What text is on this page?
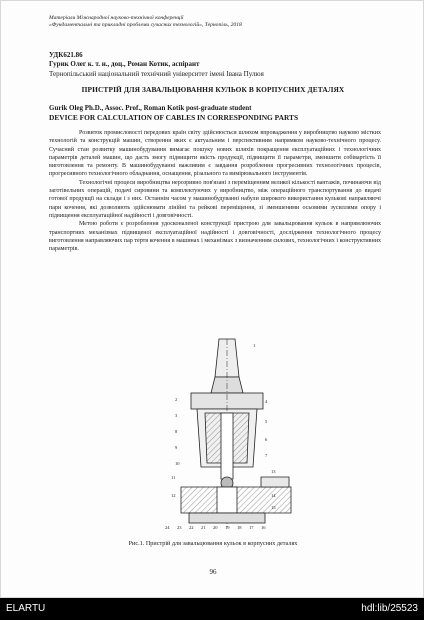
Матеріали Міжнародної науково-технічної конференції
«Фундаментальні та прикладні проблеми сучасних технологій», Тернопіль, 2018
УДК621.86
Гурик Олег к. т. н., доц., Роман Котик, аспірант
Тернопільський національний технічний університет імені Івана Пулюя
ПРИСТРІЙ ДЛЯ ЗАВАЛЬЦЮВАННЯ КУЛЬОК В КОРПУСНИХ ДЕТАЛЯХ
Gurik Oleg Ph.D., Assoc. Prof., Roman Kotik post-graduate student
DEVICE FOR CALCULATION OF CABLES IN CORRESPONDING PARTS

Розвиток промисловості передових країн світу здійснюється шляхом впровадження у виробництво науково містких технологій та конструкцій машин, створення яких є актуальним і перспективним напрямком науково-технічного процесу. Сучасний стан розвитку машинобудування вимагає пошуку нових шляхів покращення експлуатаційних і технологічних параметрів деталей машин, що дасть змогу підвищити якість продукції, підвищити її параметри, зменшити собівартість її виготовлення та ремонту. В машинобудуванні важливим є завдання розроблення прогресивних технологічних процесів, прогресивного технологічного обладнання, оснащення, різального та вимірювального інструментів.

Технологічні процеси виробництва нерозривно пов'язані з переміщенням великої кількості вантажів, починаючи від заготівельних операцій, подачі сировини та комплектуючих у виробництво, між операційного транспортування до видачі готової продукції на склади і з них. Останнім часом у машинобудуванні набули широкого використання кулькові направляючі пари кочення, які дозволяють здійснювати лінійні та рейкові переміщення, зі зменшеними осьовими зусиллями опору і підвищення експлуатаційної надійності і довговічності.

Метою роботи є розроблення удосконаленої конструкції пристрою для завальцювання кульок в напрямлюючих транспортних механізмах підвищеної експлуатаційної надійності і довговічності, дослідження технологічного процесу виготовлення направляючих пар тертя кочення в машинах і механізмах з визначенням силових, технологічних і конструктивних параметрів.

1
2
3
4
5
6
7
8
9
10
11
12
13
14
15
16
17
18
19
20
21
22
23
24
Рис.1. Пристрій для завальцювання кульок в корпусних деталях
96
ELARTU	hdl:lib/25523
